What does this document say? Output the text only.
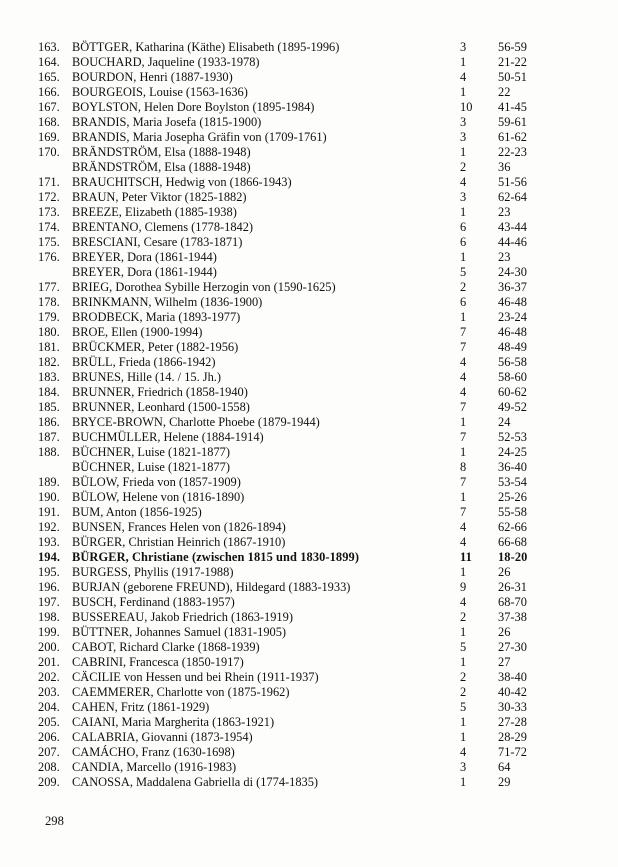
163. BÖTTGER, Katharina (Käthe) Elisabeth (1895-1996)	3	56-59
164. BOUCHARD, Jaqueline (1933-1978)	1	21-22
165. BOURDON, Henri (1887-1930)	4	50-51
166. BOURGEOIS, Louise (1563-1636)	1	22
167. BOYLSTON, Helen Dore Boylston (1895-1984)	10	41-45
168. BRANDIS, Maria Josefa (1815-1900)	3	59-61
169. BRANDIS, Maria Josepha Gräfin von (1709-1761)	3	61-62
170. BRÄNDSTRÖM, Elsa (1888-1948)	1	22-23
BRÄNDSTRÖM, Elsa (1888-1948)	2	36
171. BRAUCHITSCH, Hedwig von (1866-1943)	4	51-56
172. BRAUN, Peter Viktor (1825-1882)	3	62-64
173. BREEZE, Elizabeth (1885-1938)	1	23
174. BRENTANO, Clemens (1778-1842)	6	43-44
175. BRESCIANI, Cesare (1783-1871)	6	44-46
176. BREYER, Dora (1861-1944)	1	23
BREYER, Dora (1861-1944)	5	24-30
177. BRIEG, Dorothea Sybille Herzogin von (1590-1625)	2	36-37
178. BRINKMANN, Wilhelm (1836-1900)	6	46-48
179. BRODBECK, Maria (1893-1977)	1	23-24
180. BROE, Ellen (1900-1994)	7	46-48
181. BRÜCKMER, Peter (1882-1956)	7	48-49
182. BRÜLL, Frieda (1866-1942)	4	56-58
183. BRUNES, Hille (14. / 15. Jh.)	4	58-60
184. BRUNNER, Friedrich (1858-1940)	4	60-62
185. BRUNNER, Leonhard (1500-1558)	7	49-52
186. BRYCE-BROWN, Charlotte Phoebe (1879-1944)	1	24
187. BUCHMÜLLER, Helene (1884-1914)	7	52-53
188. BÜCHNER, Luise (1821-1877)	1	24-25
BÜCHNER, Luise (1821-1877)	8	36-40
189. BÜLOW, Frieda von (1857-1909)	7	53-54
190. BÜLOW, Helene von (1816-1890)	1	25-26
191. BUM, Anton (1856-1925)	7	55-58
192. BUNSEN, Frances Helen von (1826-1894)	4	62-66
193. BÜRGER, Christian Heinrich (1867-1910)	4	66-68
194. BÜRGER, Christiane (zwischen 1815 und 1830-1899)	11	18-20
195. BURGESS, Phyllis (1917-1988)	1	26
196. BURJAN (geborene FREUND), Hildegard (1883-1933)	9	26-31
197. BUSCH, Ferdinand (1883-1957)	4	68-70
198. BUSSEREAU, Jakob Friedrich (1863-1919)	2	37-38
199. BÜTTNER, Johannes Samuel (1831-1905)	1	26
200. CABOT, Richard Clarke (1868-1939)	5	27-30
201. CABRINI, Francesca (1850-1917)	1	27
202. CÄCILIE von Hessen und bei Rhein (1911-1937)	2	38-40
203. CAEMMERER, Charlotte von (1875-1962)	2	40-42
204. CAHEN, Fritz (1861-1929)	5	30-33
205. CAIANI, Maria Margherita (1863-1921)	1	27-28
206. CALABRIA, Giovanni (1873-1954)	1	28-29
207. CAMÁCHO, Franz (1630-1698)	4	71-72
208. CANDIA, Marcello (1916-1983)	3	64
209. CANOSSA, Maddalena Gabriella di (1774-1835)	1	29
298
